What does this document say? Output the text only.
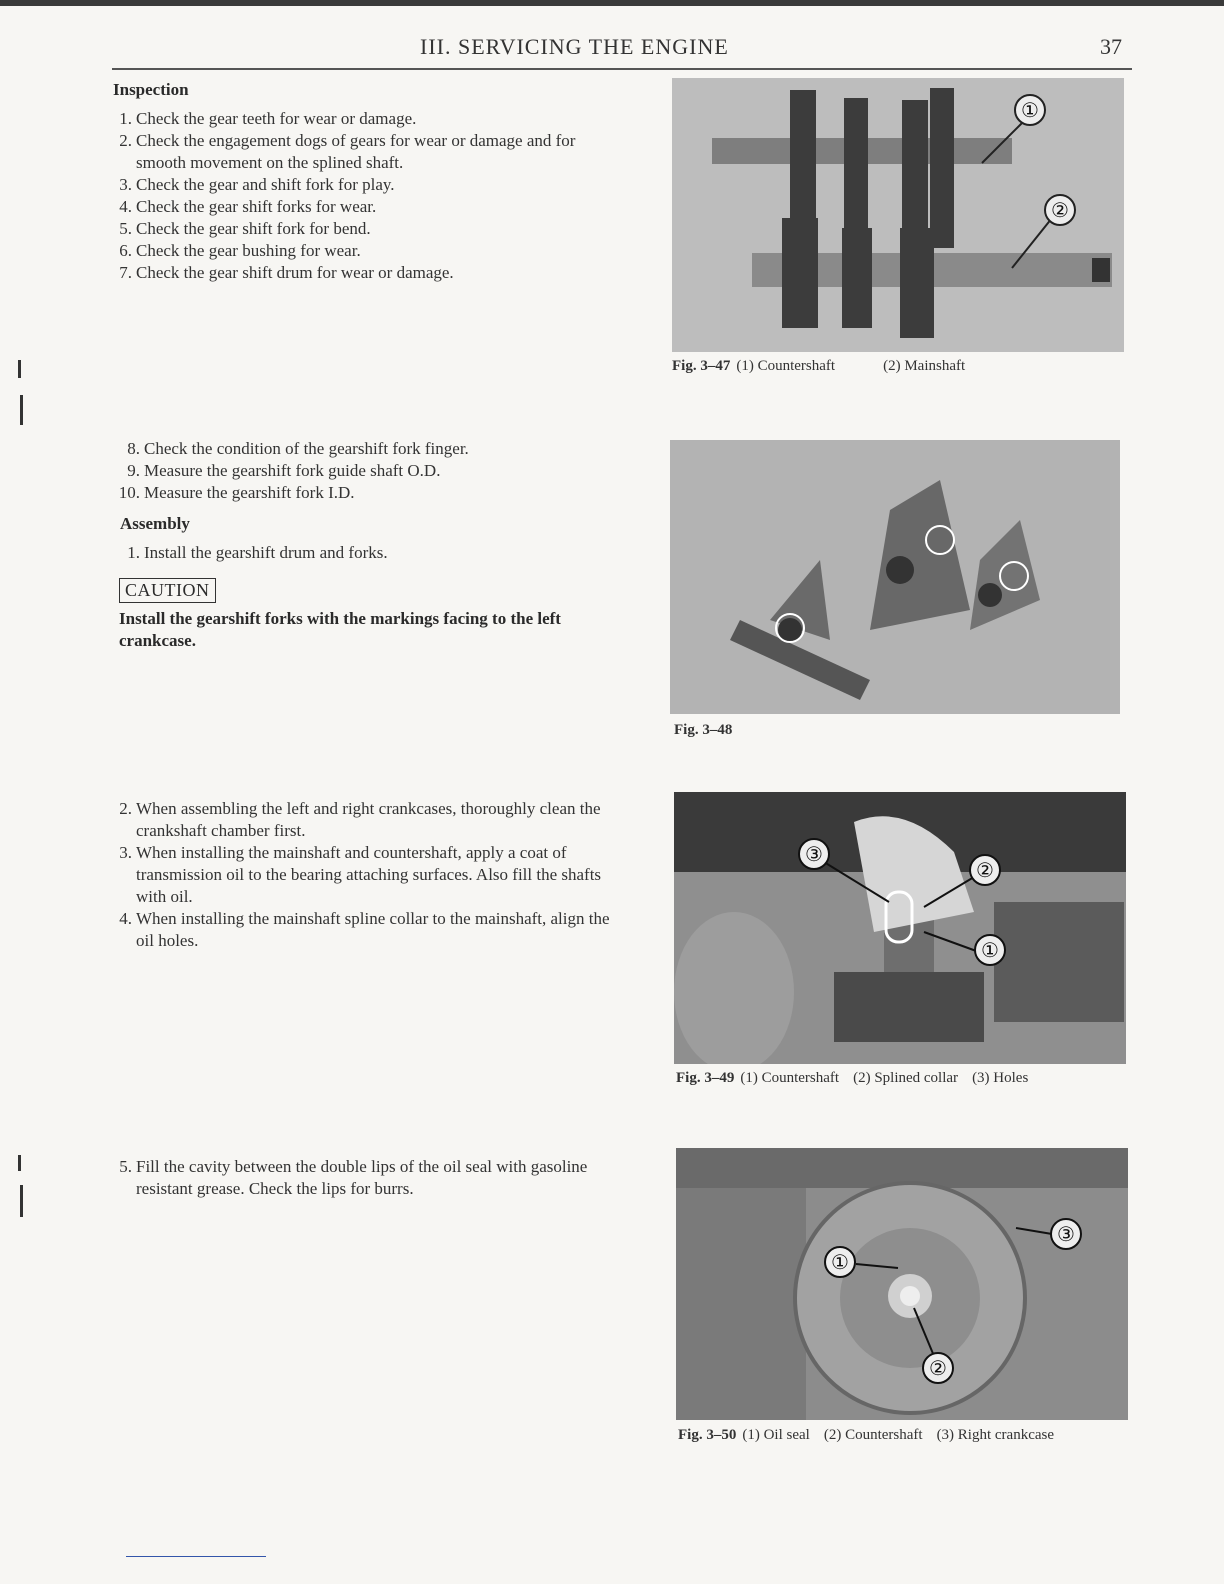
III. SERVICING THE ENGINE	37
Inspection
1. Check the gear teeth for wear or damage.
2. Check the engagement dogs of gears for wear or damage and for smooth movement on the splined shaft.
3. Check the gear and shift fork for play.
4. Check the gear shift forks for wear.
5. Check the gear shift fork for bend.
6. Check the gear bushing for wear.
7. Check the gear shift drum for wear or damage.
8. Check the condition of the gearshift fork finger.
9. Measure the gearshift fork guide shaft O.D.
10. Measure the gearshift fork I.D.
Assembly
1. Install the gearshift drum and forks.
CAUTION
Install the gearshift forks with the markings facing to the left crankcase.
2. When assembling the left and right crankcases, thoroughly clean the crankshaft chamber first.
3. When installing the mainshaft and countershaft, apply a coat of transmission oil to the bearing attaching surfaces. Also fill the shafts with oil.
4. When installing the mainshaft spline collar to the mainshaft, align the oil holes.
5. Fill the cavity between the double lips of the oil seal with gasoline resistant grease. Check the lips for burrs.
①
②
Fig. 3–47 (1) Countershaft	(2) Mainshaft
Fig. 3–48
③
②
①
Fig. 3–49 (1) Countershaft (2) Splined collar (3) Holes
③
①
②
Fig. 3–50 (1) Oil seal (2) Countershaft (3) Right crankcase
